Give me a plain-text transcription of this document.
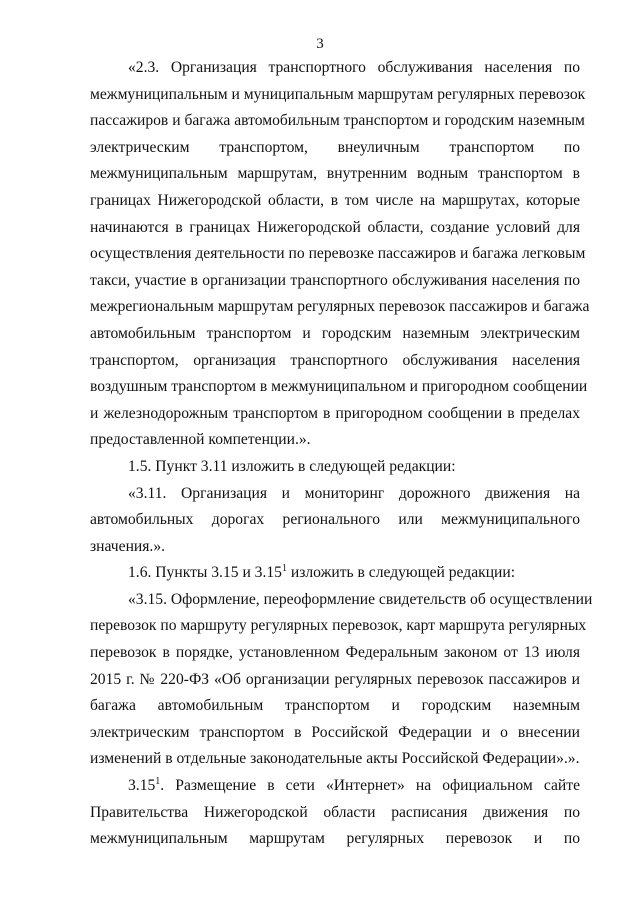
3
«2.3. Организация транспортного обслуживания населения по
межмуниципальным и муниципальным маршрутам регулярных перевозок
пассажиров и багажа автомобильным транспортом и городским наземным
электрическим транспортом, внеуличным транспортом по
межмуниципальным маршрутам, внутренним водным транспортом в
границах Нижегородской области, в том числе на маршрутах, которые
начинаются в границах Нижегородской области, создание условий для
осуществления деятельности по перевозке пассажиров и багажа легковым
такси, участие в организации транспортного обслуживания населения по
межрегиональным маршрутам регулярных перевозок пассажиров и багажа
автомобильным транспортом и городским наземным электрическим
транспортом, организация транспортного обслуживания населения
воздушным транспортом в межмуниципальном и пригородном сообщении
и железнодорожным транспортом в пригородном сообщении в пределах
предоставленной компетенции.».
1.5. Пункт 3.11 изложить в следующей редакции:
«3.11. Организация и мониторинг дорожного движения на
автомобильных дорогах регионального или межмуниципального
значения.».
1.6. Пункты 3.15 и 3.15$^1$ изложить в следующей редакции:
«3.15. Оформление, переоформление свидетельств об осуществлении
перевозок по маршруту регулярных перевозок, карт маршрута регулярных
перевозок в порядке, установленном Федеральным законом от 13 июля
2015 г. № 220-ФЗ «Об организации регулярных перевозок пассажиров и
багажа автомобильным транспортом и городским наземным
электрическим транспортом в Российской Федерации и о внесении
изменений в отдельные законодательные акты Российской Федерации».».
3.15$^1$. Размещение в сети «Интернет» на официальном сайте
Правительства Нижегородской области расписания движения по
межмуниципальным маршрутам регулярных перевозок и по
